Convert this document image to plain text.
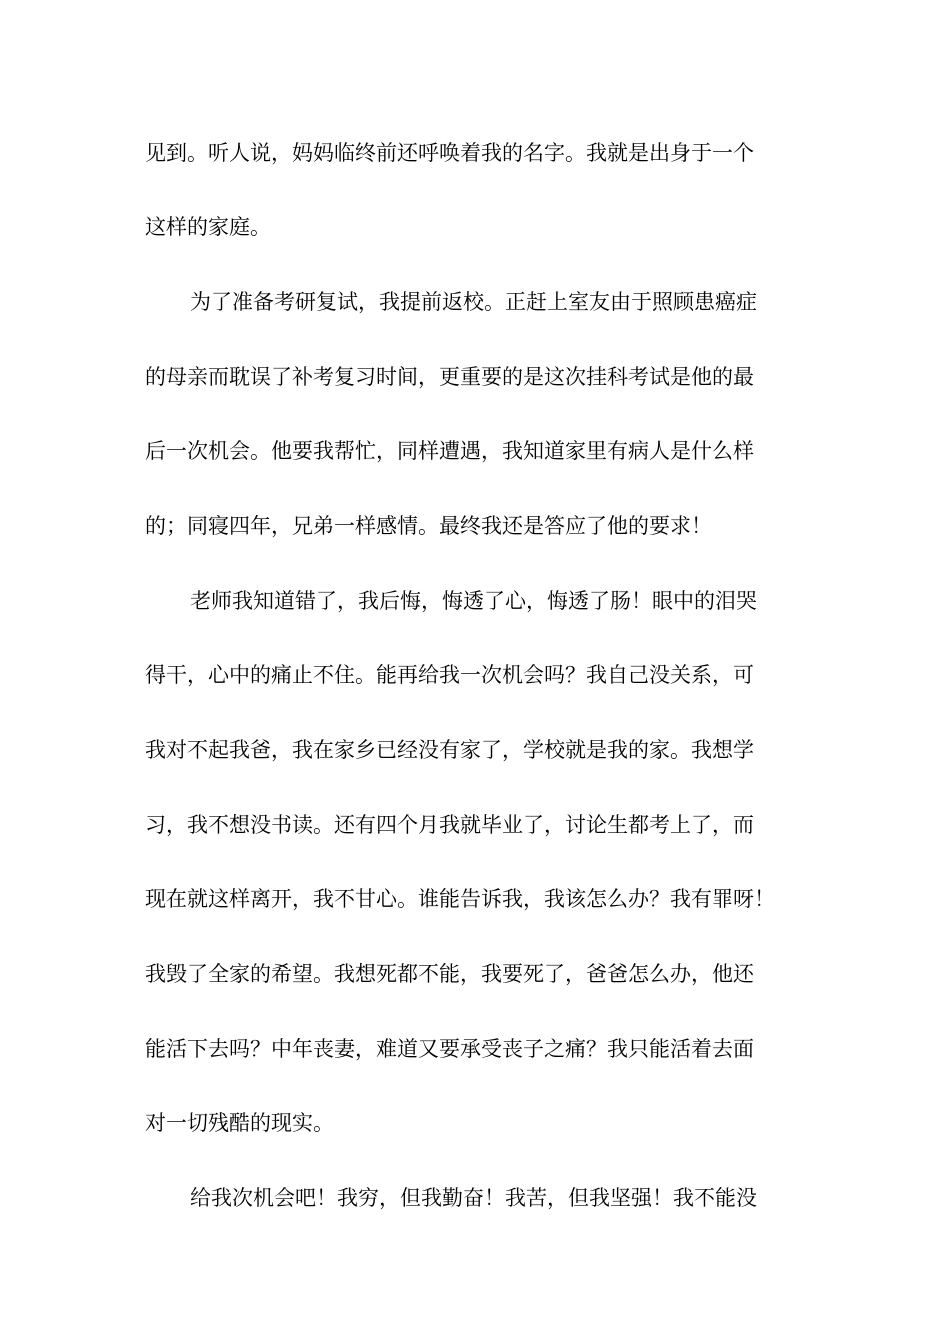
见到。听人说，妈妈临终前还呼唤着我的名字。我就是出身于一个
这样的家庭。
为了准备考研复试，我提前返校。正赶上室友由于照顾患癌症
的母亲而耽误了补考复习时间，更重要的是这次挂科考试是他的最
后一次机会。他要我帮忙，同样遭遇，我知道家里有病人是什么样
的；同寝四年，兄弟一样感情。最终我还是答应了他的要求！
老师我知道错了，我后悔，悔透了心，悔透了肠！眼中的泪哭
得干，心中的痛止不住。能再给我一次机会吗？我自己没关系，可
我对不起我爸，我在家乡已经没有家了，学校就是我的家。我想学
习，我不想没书读。还有四个月我就毕业了，讨论生都考上了，而
现在就这样离开，我不甘心。谁能告诉我，我该怎么办？我有罪呀！
我毁了全家的希望。我想死都不能，我要死了，爸爸怎么办，他还
能活下去吗？中年丧妻，难道又要承受丧子之痛？我只能活着去面
对一切残酷的现实。
给我次机会吧！我穷，但我勤奋！我苦，但我坚强！我不能没
